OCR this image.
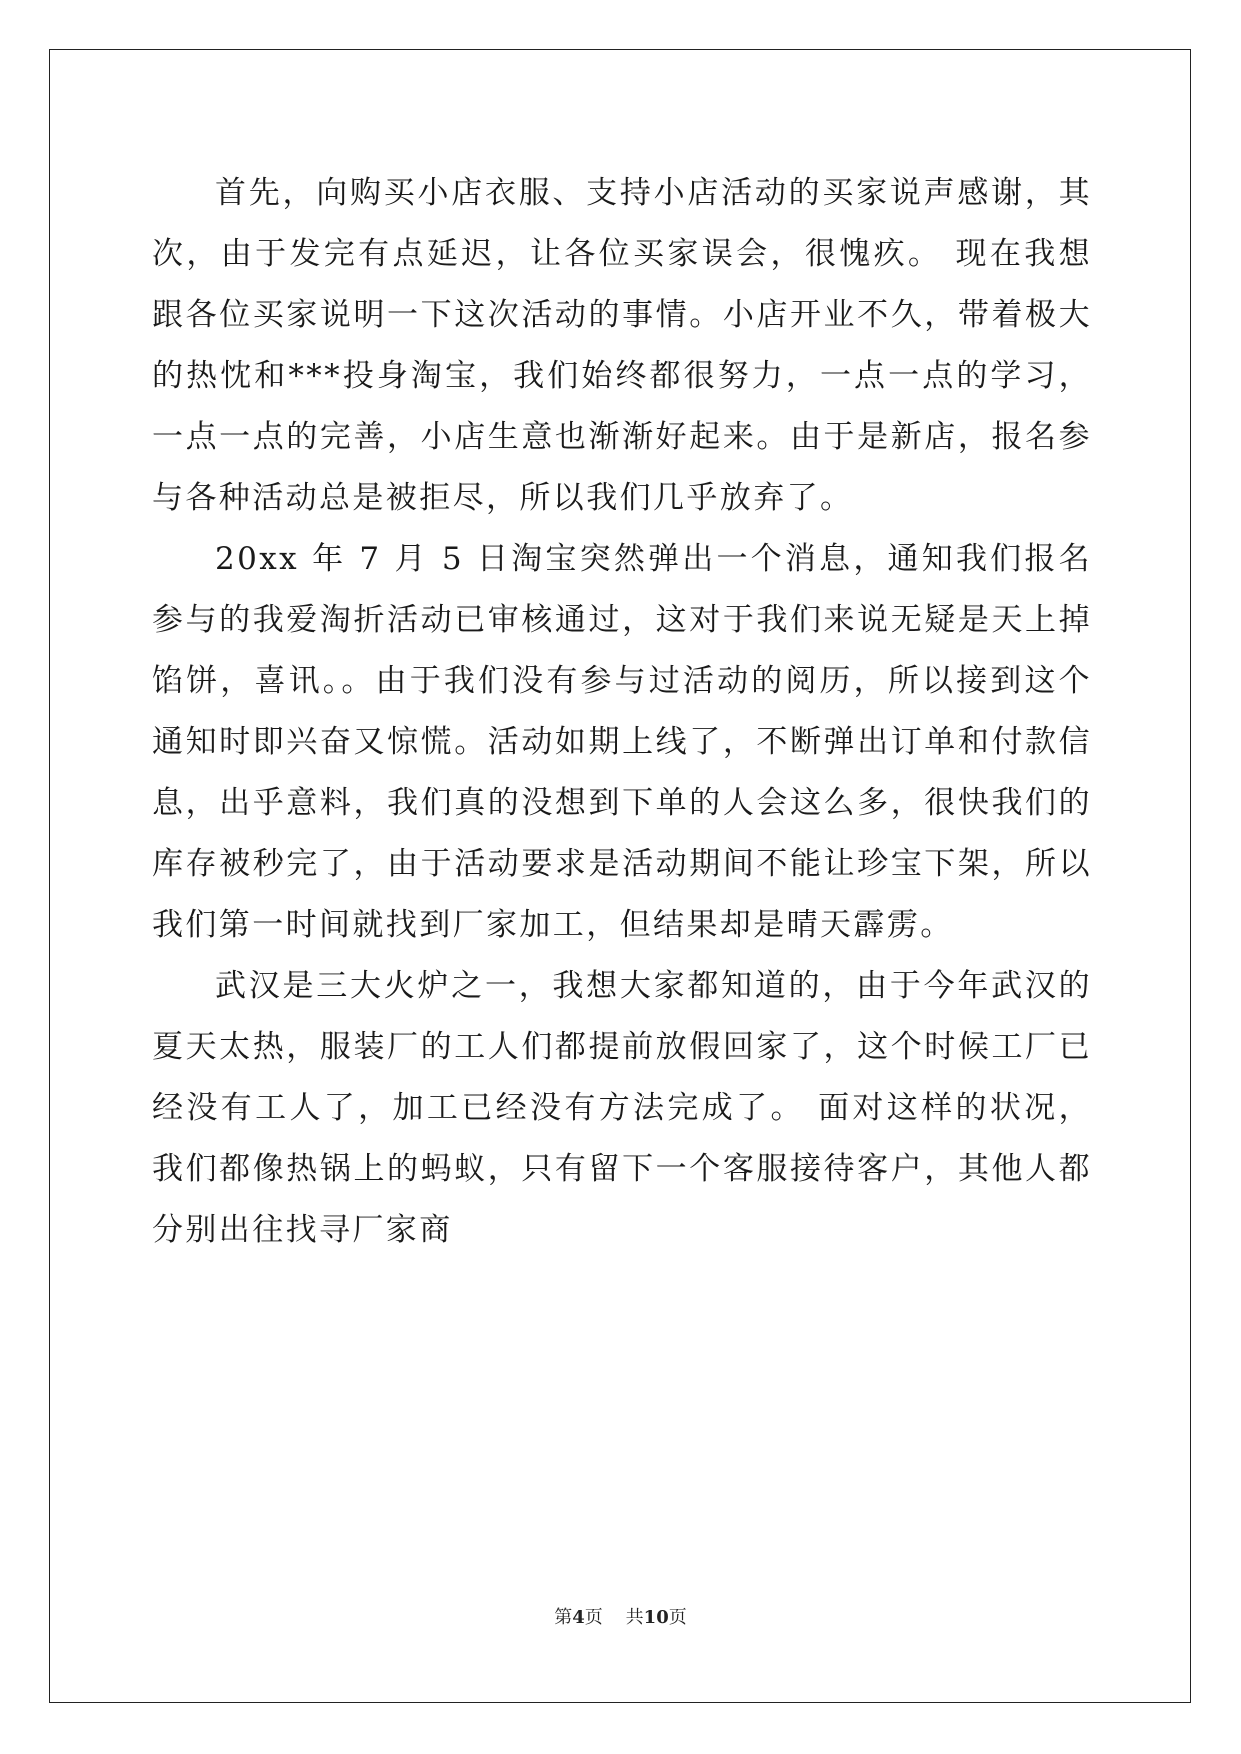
首先，向购买小店衣服、支持小店活动的买家说声感谢，其次，由于发完有点延迟，让各位买家误会，很愧疚。 现在我想跟各位买家说明一下这次活动的事情。小店开业不久，带着极大的热忱和***投身淘宝，我们始终都很努力，一点一点的学习，一点一点的完善，小店生意也渐渐好起来。由于是新店，报名参与各种活动总是被拒尽，所以我们几乎放弃了。

20xx 年 7 月 5 日淘宝突然弹出一个消息，通知我们报名参与的我爱淘折活动已审核通过，这对于我们来说无疑是天上掉馅饼，喜讯。。由于我们没有参与过活动的阅历，所以接到这个通知时即兴奋又惊慌。活动如期上线了，不断弹出订单和付款信息，出乎意料，我们真的没想到下单的人会这么多，很快我们的库存被秒完了，由于活动要求是活动期间不能让珍宝下架，所以我们第一时间就找到厂家加工，但结果却是晴天霹雳。

武汉是三大火炉之一，我想大家都知道的，由于今年武汉的夏天太热，服装厂的工人们都提前放假回家了，这个时候工厂已经没有工人了，加工已经没有方法完成了。 面对这样的状况，我们都像热锅上的蚂蚁，只有留下一个客服接待客户，其他人都分别出往找寻厂家商

第4页 共10页
